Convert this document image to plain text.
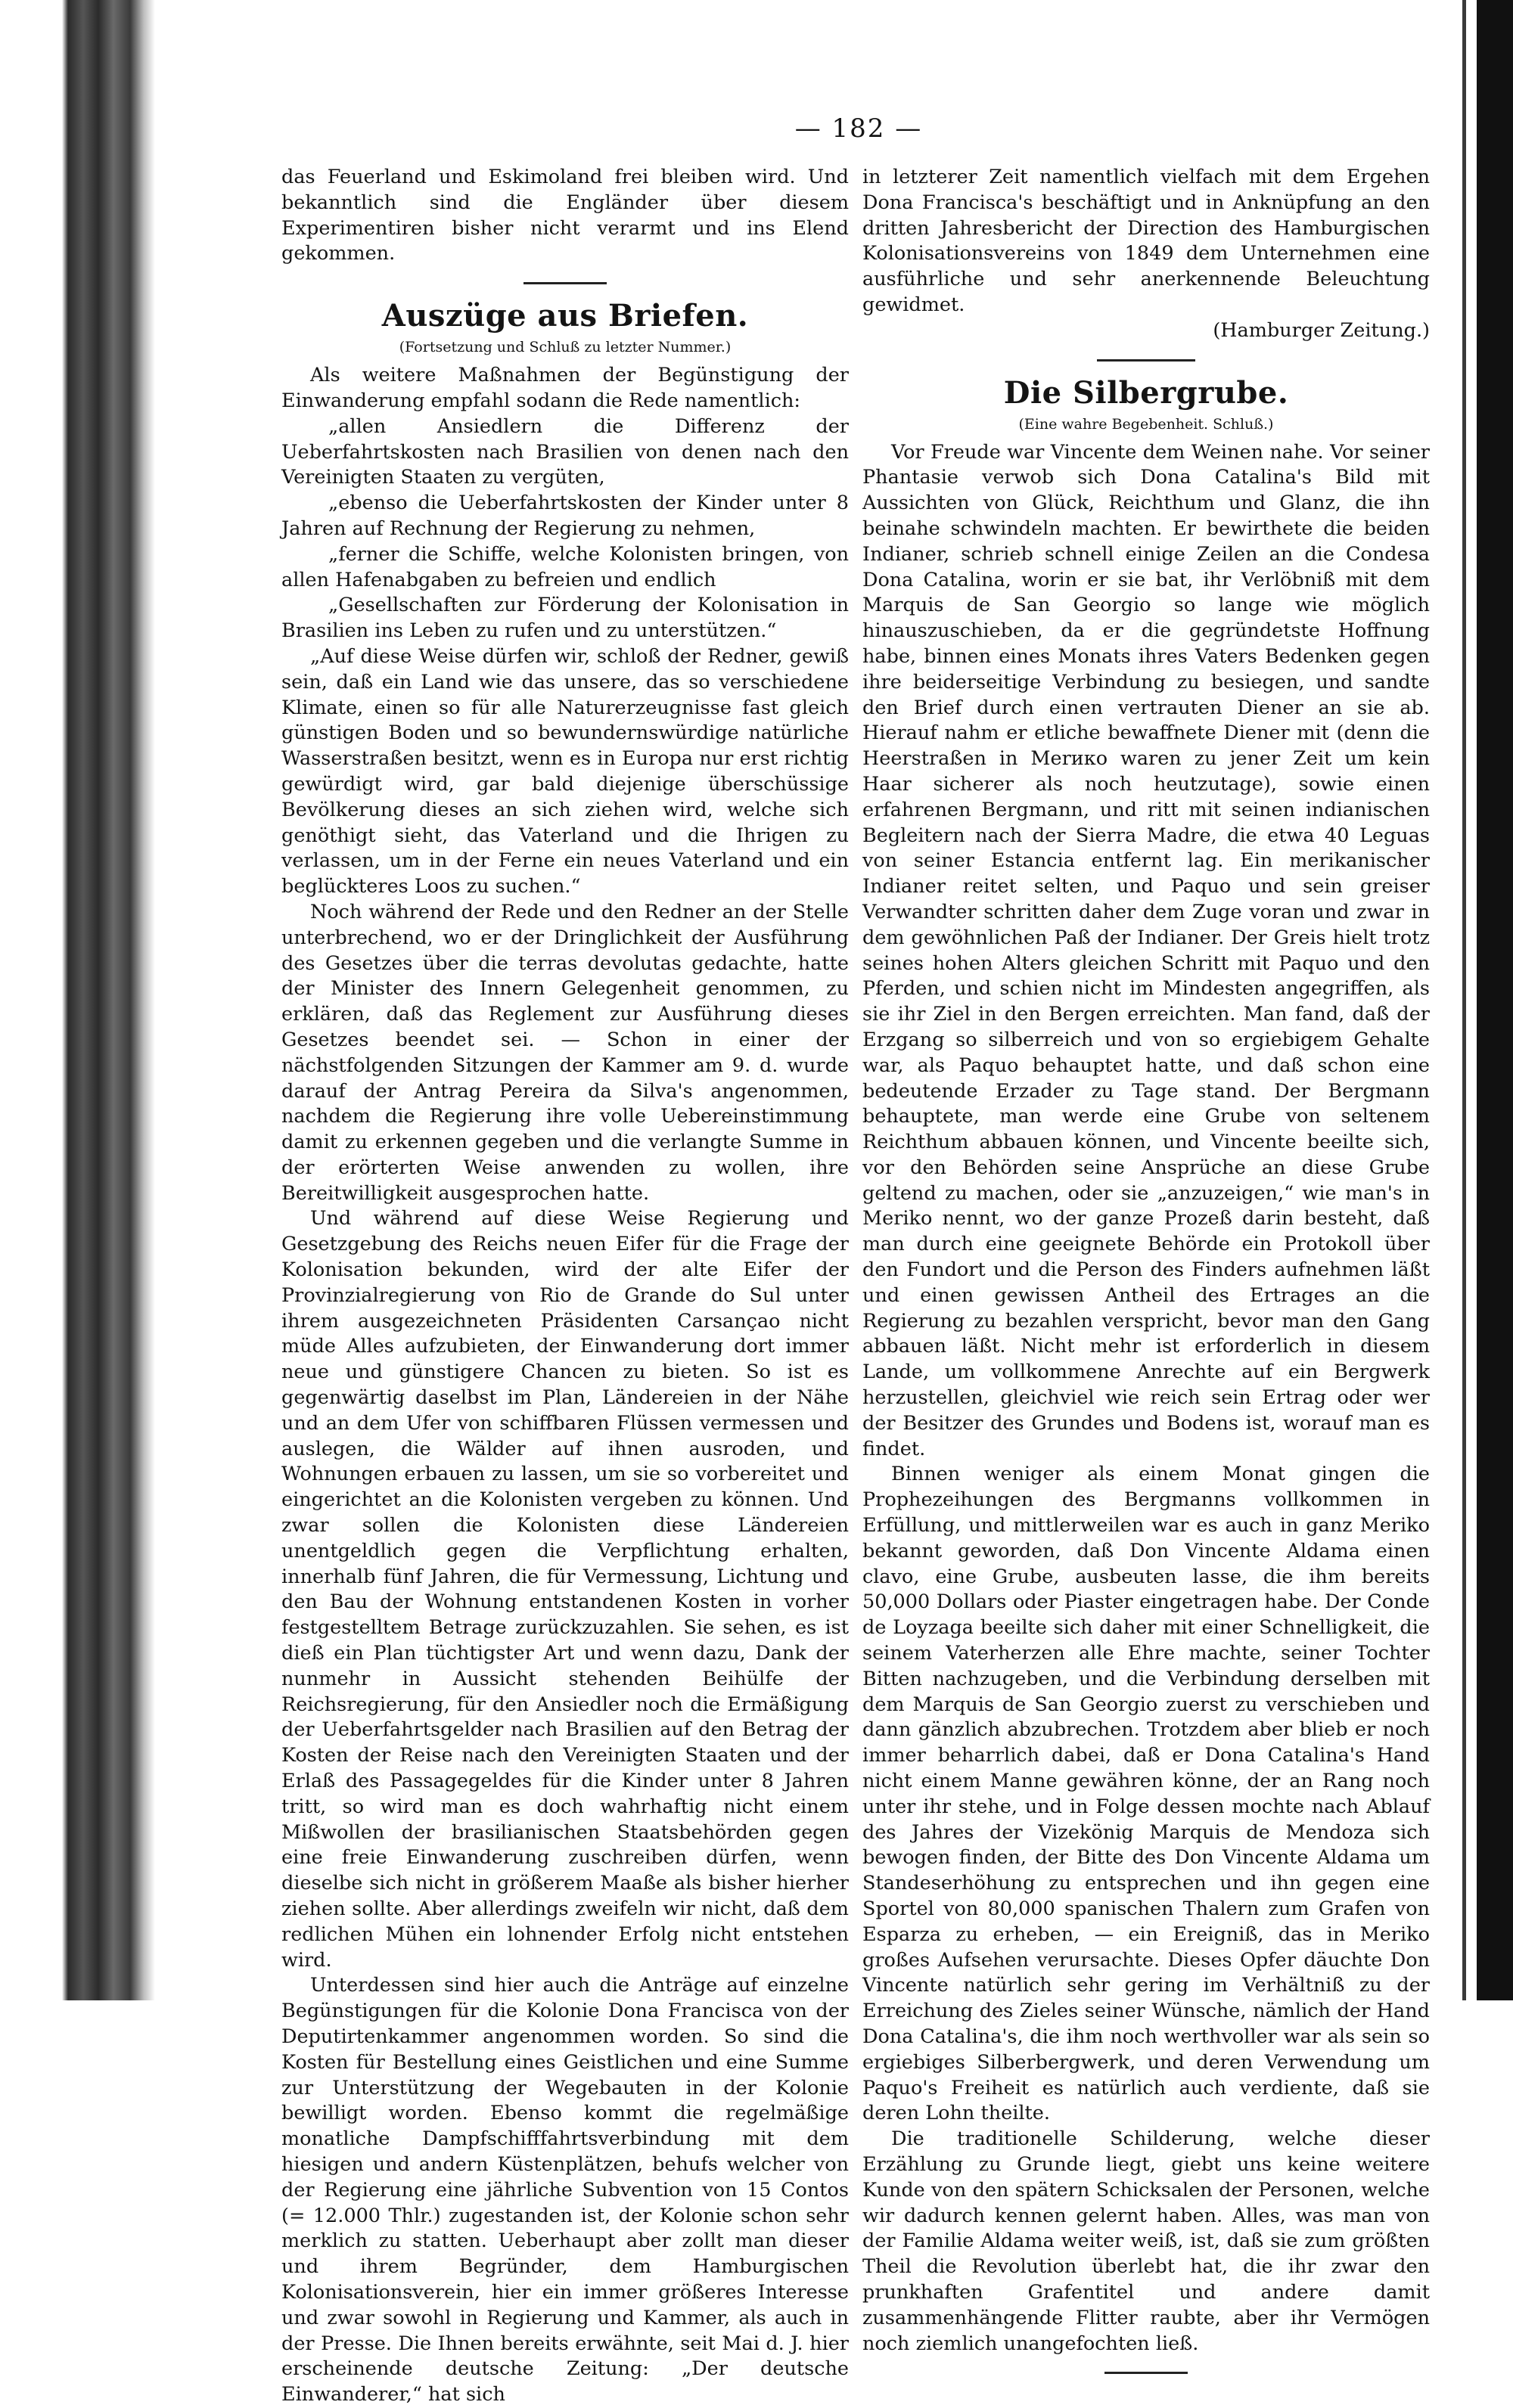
— 182 —

das Feuerland und Eskimoland frei bleiben wird. Und bekanntlich sind die Engländer über diesem Experimentiren bisher nicht verarmt und ins Elend gekommen.

Auszüge aus Briefen.
(Fortsetzung und Schluß zu letzter Nummer.)

Als weitere Maßnahmen der Begünstigung der Einwanderung empfahl sodann die Rede namentlich:

„allen Ansiedlern die Differenz der Ueberfahrtskosten nach Brasilien von denen nach den Vereinigten Staaten zu vergüten,

„ebenso die Ueberfahrtskosten der Kinder unter 8 Jahren auf Rechnung der Regierung zu nehmen,

„ferner die Schiffe, welche Kolonisten bringen, von allen Hafenabgaben zu befreien und endlich

„Gesellschaften zur Förderung der Kolonisation in Brasilien ins Leben zu rufen und zu unterstützen.“

„Auf diese Weise dürfen wir, schloß der Redner, gewiß sein, daß ein Land wie das unsere, das so verschiedene Klimate, einen so für alle Naturerzeugnisse fast gleich günstigen Boden und so bewundernswürdige natürliche Wasserstraßen besitzt, wenn es in Europa nur erst richtig gewürdigt wird, gar bald diejenige überschüssige Bevölkerung dieses an sich ziehen wird, welche sich genöthigt sieht, das Vaterland und die Ihrigen zu verlassen, um in der Ferne ein neues Vaterland und ein beglückteres Loos zu suchen.“

Noch während der Rede und den Redner an der Stelle unterbrechend, wo er der Dringlichkeit der Ausführung des Gesetzes über die terras devolutas gedachte, hatte der Minister des Innern Gelegenheit genommen, zu erklären, daß das Reglement zur Ausführung dieses Gesetzes beendet sei. — Schon in einer der nächstfolgenden Sitzungen der Kammer am 9. d. wurde darauf der Antrag Pereira da Silva's angenommen, nachdem die Regierung ihre volle Uebereinstimmung damit zu erkennen gegeben und die verlangte Summe in der erörterten Weise anwenden zu wollen, ihre Bereitwilligkeit ausgesprochen hatte.

Und während auf diese Weise Regierung und Gesetzgebung des Reichs neuen Eifer für die Frage der Kolonisation bekunden, wird der alte Eifer der Provinzialregierung von Rio de Grande do Sul unter ihrem ausgezeichneten Präsidenten Carsançao nicht müde Alles aufzubieten, der Einwanderung dort immer neue und günstigere Chancen zu bieten. So ist es gegenwärtig daselbst im Plan, Ländereien in der Nähe und an dem Ufer von schiffbaren Flüssen vermessen und auslegen, die Wälder auf ihnen ausroden, und Wohnungen erbauen zu lassen, um sie so vorbereitet und eingerichtet an die Kolonisten vergeben zu können. Und zwar sollen die Kolonisten diese Ländereien unentgeldlich gegen die Verpflichtung erhalten, innerhalb fünf Jahren, die für Vermessung, Lichtung und den Bau der Wohnung entstandenen Kosten in vorher festgestelltem Betrage zurückzuzahlen. Sie sehen, es ist dieß ein Plan tüchtigster Art und wenn dazu, Dank der nunmehr in Aussicht stehenden Beihülfe der Reichsregierung, für den Ansiedler noch die Ermäßigung der Ueberfahrtsgelder nach Brasilien auf den Betrag der Kosten der Reise nach den Vereinigten Staaten und der Erlaß des Passagegeldes für die Kinder unter 8 Jahren tritt, so wird man es doch wahrhaftig nicht einem Mißwollen der brasilianischen Staatsbehörden gegen eine freie Einwanderung zuschreiben dürfen, wenn dieselbe sich nicht in größerem Maaße als bisher hierher ziehen sollte. Aber allerdings zweifeln wir nicht, daß dem redlichen Mühen ein lohnender Erfolg nicht entstehen wird.

Unterdessen sind hier auch die Anträge auf einzelne Begünstigungen für die Kolonie Dona Francisca von der Deputirtenkammer angenommen worden. So sind die Kosten für Bestellung eines Geistlichen und eine Summe zur Unterstützung der Wegebauten in der Kolonie bewilligt worden. Ebenso kommt die regelmäßige monatliche Dampfschifffahrtsverbindung mit dem hiesigen und andern Küstenplätzen, behufs welcher von der Regierung eine jährliche Subvention von 15 Contos (= 12.000 Thlr.) zugestanden ist, der Kolonie schon sehr merklich zu statten. Ueberhaupt aber zollt man dieser und ihrem Begründer, dem Hamburgischen Kolonisationsverein, hier ein immer größeres Interesse und zwar sowohl in Regierung und Kammer, als auch in der Presse. Die Ihnen bereits erwähnte, seit Mai d. J. hier erscheinende deutsche Zeitung: „Der deutsche Einwanderer,“ hat sich

in letzterer Zeit namentlich vielfach mit dem Ergehen Dona Francisca's beschäftigt und in Anknüpfung an den dritten Jahresbericht der Direction des Hamburgischen Kolonisationsvereins von 1849 dem Unternehmen eine ausführliche und sehr anerkennende Beleuchtung gewidmet.

(Hamburger Zeitung.)

Die Silbergrube.
(Eine wahre Begebenheit. Schluß.)

Vor Freude war Vincente dem Weinen nahe. Vor seiner Phantasie verwob sich Dona Catalina's Bild mit Aussichten von Glück, Reichthum und Glanz, die ihn beinahe schwindeln machten. Er bewirthete die beiden Indianer, schrieb schnell einige Zeilen an die Condesa Dona Catalina, worin er sie bat, ihr Verlöbniß mit dem Marquis de San Georgio so lange wie möglich hinauszuschieben, da er die gegründetste Hoffnung habe, binnen eines Monats ihres Vaters Bedenken gegen ihre beiderseitige Verbindung zu besiegen, und sandte den Brief durch einen vertrauten Diener an sie ab. Hierauf nahm er etliche bewaffnete Diener mit (denn die Heerstraßen in Merико waren zu jener Zeit um kein Haar sicherer als noch heutzutage), sowie einen erfahrenen Bergmann, und ritt mit seinen indianischen Begleitern nach der Sierra Madre, die etwa 40 Leguas von seiner Estancia entfernt lag. Ein merikanischer Indianer reitet selten, und Paquo und sein greiser Verwandter schritten daher dem Zuge voran und zwar in dem gewöhnlichen Paß der Indianer. Der Greis hielt trotz seines hohen Alters gleichen Schritt mit Paquo und den Pferden, und schien nicht im Mindesten angegriffen, als sie ihr Ziel in den Bergen erreichten. Man fand, daß der Erzgang so silberreich und von so ergiebigem Gehalte war, als Paquo behauptet hatte, und daß schon eine bedeutende Erzader zu Tage stand. Der Bergmann behauptete, man werde eine Grube von seltenem Reichthum abbauen können, und Vincente beeilte sich, vor den Behörden seine Ansprüche an diese Grube geltend zu machen, oder sie „anzuzeigen,“ wie man's in Meriko nennt, wo der ganze Prozeß darin besteht, daß man durch eine geeignete Behörde ein Protokoll über den Fundort und die Person des Finders aufnehmen läßt und einen gewissen Antheil des Ertrages an die Regierung zu bezahlen verspricht, bevor man den Gang abbauen läßt. Nicht mehr ist erforderlich in diesem Lande, um vollkommene Anrechte auf ein Bergwerk herzustellen, gleichviel wie reich sein Ertrag oder wer der Besitzer des Grundes und Bodens ist, worauf man es findet.

Binnen weniger als einem Monat gingen die Prophezeihungen des Bergmanns vollkommen in Erfüllung, und mittlerweilen war es auch in ganz Meriko bekannt geworden, daß Don Vincente Aldama einen clavo, eine Grube, ausbeuten lasse, die ihm bereits 50,000 Dollars oder Piaster eingetragen habe. Der Conde de Loyzaga beeilte sich daher mit einer Schnelligkeit, die seinem Vaterherzen alle Ehre machte, seiner Tochter Bitten nachzugeben, und die Verbindung derselben mit dem Marquis de San Georgio zuerst zu verschieben und dann gänzlich abzubrechen. Trotzdem aber blieb er noch immer beharrlich dabei, daß er Dona Catalina's Hand nicht einem Manne gewähren könne, der an Rang noch unter ihr stehe, und in Folge dessen mochte nach Ablauf des Jahres der Vizekönig Marquis de Mendoza sich bewogen finden, der Bitte des Don Vincente Aldama um Standeserhöhung zu entsprechen und ihn gegen eine Sportel von 80,000 spanischen Thalern zum Grafen von Esparza zu erheben, — ein Ereigniß, das in Meriko großes Aufsehen verursachte. Dieses Opfer däuchte Don Vincente natürlich sehr gering im Verhältniß zu der Erreichung des Zieles seiner Wünsche, nämlich der Hand Dona Catalina's, die ihm noch werthvoller war als sein so ergiebiges Silberbergwerk, und deren Verwendung um Paquo's Freiheit es natürlich auch verdiente, daß sie deren Lohn theilte.

Die traditionelle Schilderung, welche dieser Erzählung zu Grunde liegt, giebt uns keine weitere Kunde von den spätern Schicksalen der Personen, welche wir dadurch kennen gelernt haben. Alles, was man von der Familie Aldama weiter weiß, ist, daß sie zum größten Theil die Revolution überlebt hat, die ihr zwar den prunkhaften Grafentitel und andere damit zusammenhängende Flitter raubte, aber ihr Vermögen noch ziemlich unangefochten ließ.
